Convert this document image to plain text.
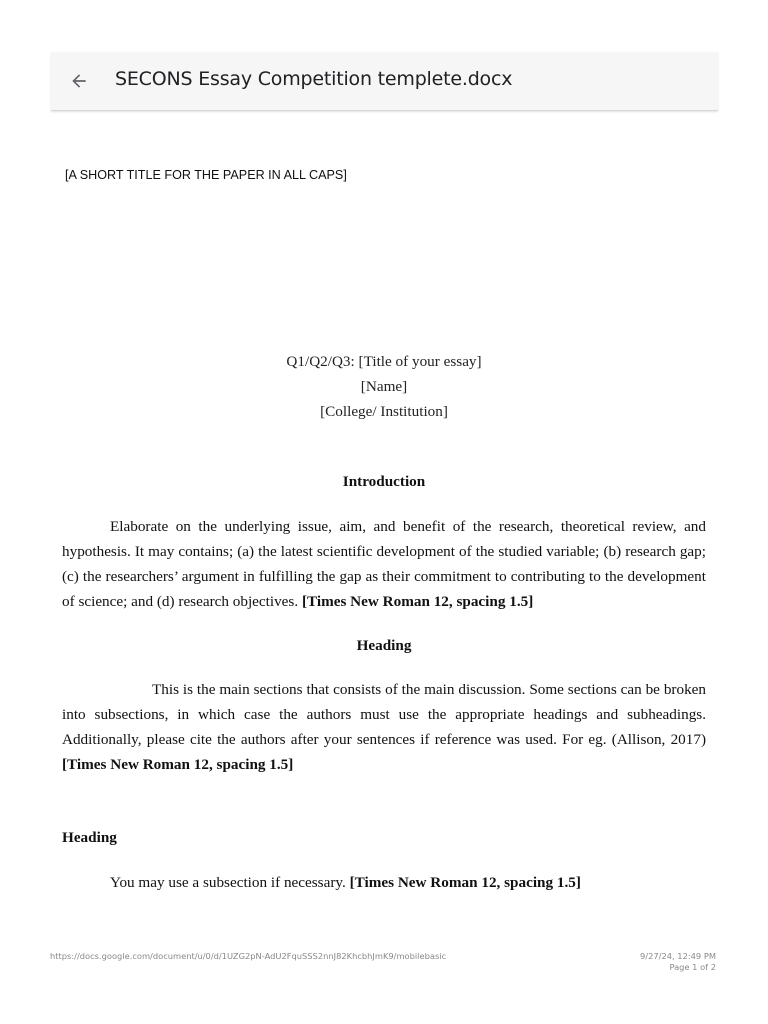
SECONS Essay Competition templete.docx
[A SHORT TITLE FOR THE PAPER IN ALL CAPS]
Q1/Q2/Q3: [Title of your essay]
[Name]
[College/ Institution]
Introduction

Elaborate on the underlying issue, aim, and benefit of the research, theoretical review, and hypothesis. It may contains; (a) the latest scientific development of the studied variable; (b) research gap; (c) the researchers’ argument in fulfilling the gap as their commitment to contributing to the development of science; and (d) research objectives. [Times New Roman 12, spacing 1.5]

Heading

This is the main sections that consists of the main discussion. Some sections can be broken into subsections, in which case the authors must use the appropriate headings and subheadings. Additionally, please cite the authors after your sentences if reference was used. For eg. (Allison, 2017) [Times New Roman 12, spacing 1.5]

Heading

You may use a subsection if necessary. [Times New Roman 12, spacing 1.5]

https://docs.google.com/document/u/0/d/1UZG2pN-AdU2FquSSS2nnJ82KhcbhJmK9/mobilebasic	9/27/24, 12:49 PM
Page 1 of 2
